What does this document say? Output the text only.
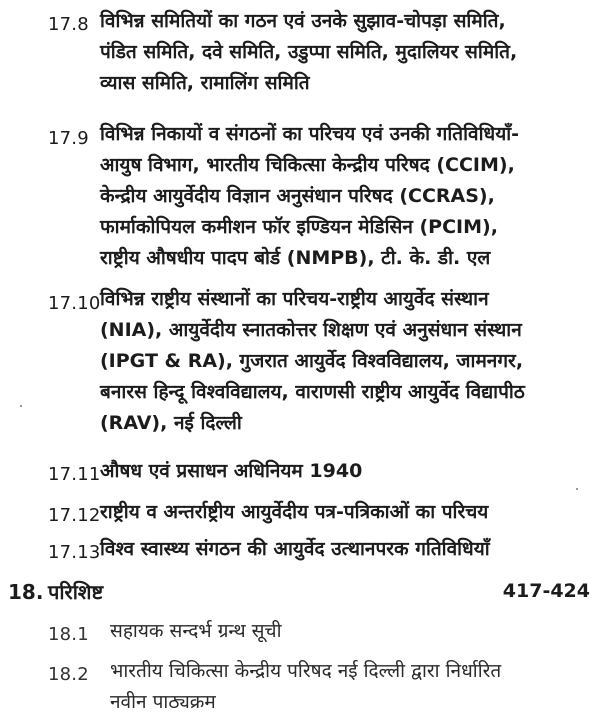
17.8 विभिन्न समितियों का गठन एवं उनके सुझाव-चोपड़ा समिति,
पंडित समिति, दवे समिति, उडुप्पा समिति, मुदालियर समिति,
व्यास समिति, रामालिंग समिति
17.9 विभिन्न निकायों व संगठनों का परिचय एवं उनकी गतिविधियाँ-
आयुष विभाग, भारतीय चिकित्सा केन्द्रीय परिषद (CCIM),
केन्द्रीय आयुर्वेदीय विज्ञान अनुसंधान परिषद (CCRAS),
फार्माकोपियल कमीशन फॉर इण्डियन मेडिसिन (PCIM),
राष्ट्रीय औषधीय पादप बोर्ड (NMPB), टी. के. डी. एल
17.10 विभिन्न राष्ट्रीय संस्थानों का परिचय-राष्ट्रीय आयुर्वेद संस्थान
(NIA), आयुर्वेदीय स्नातकोत्तर शिक्षण एवं अनुसंधान संस्थान
(IPGT & RA), गुजरात आयुर्वेद विश्वविद्यालय, जामनगर,
बनारस हिन्दू विश्वविद्यालय, वाराणसी राष्ट्रीय आयुर्वेद विद्यापीठ
(RAV), नई दिल्ली
17.11 औषध एवं प्रसाधन अधिनियम 1940
17.12 राष्ट्रीय व अन्तर्राष्ट्रीय आयुर्वेदीय पत्र-पत्रिकाओं का परिचय
17.13 विश्व स्वास्थ्य संगठन की आयुर्वेद उत्थानपरक गतिविधियाँ
18. परिशिष्ट	417-424
18.1 सहायक सन्दर्भ ग्रन्थ सूची
18.2 भारतीय चिकित्सा केन्द्रीय परिषद नई दिल्ली द्वारा निर्धारित
नवीन पाठ्यक्रम
